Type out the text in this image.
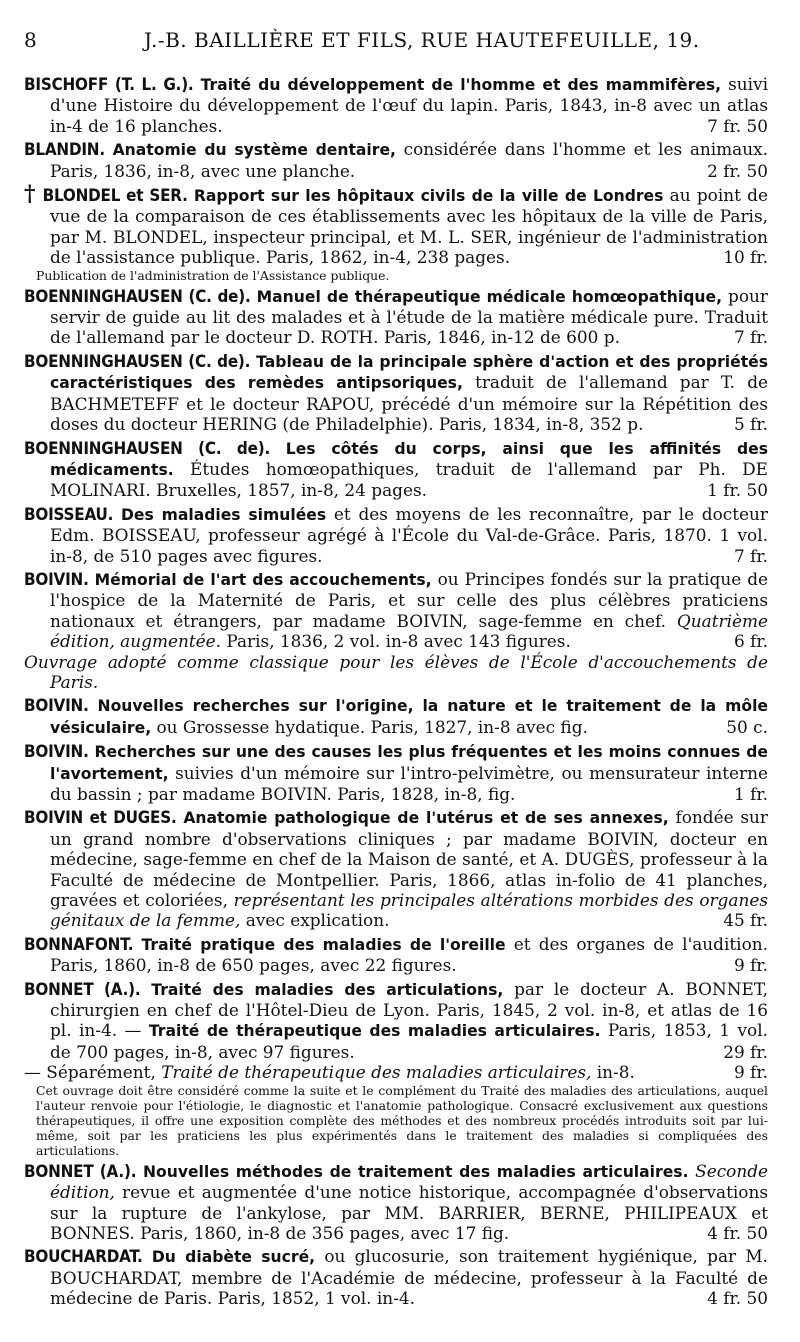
8	J.-B. BAILLIÈRE ET FILS, RUE HAUTEFEUILLE, 19.

BISCHOFF (T. L. G.). Traité du développement de l'homme et des mammifères, suivi d'une Histoire du développement de l'œuf du lapin. Paris, 1843, in-8 avec un atlas in-4 de 16 planches.	7 fr. 50

BLANDIN. Anatomie du système dentaire, considérée dans l'homme et les animaux. Paris, 1836, in-8, avec une planche.	2 fr. 50

† BLONDEL et SER. Rapport sur les hôpitaux civils de la ville de Londres au point de vue de la comparaison de ces établissements avec les hôpitaux de la ville de Paris, par M. BLONDEL, inspecteur principal, et M. L. SER, ingénieur de l'administration de l'assistance publique. Paris, 1862, in-4, 238 pages.	10 fr.

Publication de l'administration de l'Assistance publique.

BOENNINGHAUSEN (C. de). Manuel de thérapeutique médicale homœopathique, pour servir de guide au lit des malades et à l'étude de la matière médicale pure. Traduit de l'allemand par le docteur D. ROTH. Paris, 1846, in-12 de 600 p.	7 fr.

BOENNINGHAUSEN (C. de). Tableau de la principale sphère d'action et des propriétés caractéristiques des remèdes antipsoriques, traduit de l'allemand par T. de BACHMETEFF et le docteur RAPOU, précédé d'un mémoire sur la Répétition des doses du docteur HERING (de Philadelphie). Paris, 1834, in-8, 352 p.	5 fr.

BOENNINGHAUSEN (C. de). Les côtés du corps, ainsi que les affinités des médicaments. Études homœopathiques, traduit de l'allemand par Ph. DE MOLINARI. Bruxelles, 1857, in-8, 24 pages.	1 fr. 50

BOISSEAU. Des maladies simulées et des moyens de les reconnaître, par le docteur Edm. BOISSEAU, professeur agrégé à l'École du Val-de-Grâce. Paris, 1870. 1 vol. in-8, de 510 pages avec figures.	7 fr.

BOIVIN. Mémorial de l'art des accouchements, ou Principes fondés sur la pratique de l'hospice de la Maternité de Paris, et sur celle des plus célèbres praticiens nationaux et étrangers, par madame BOIVIN, sage-femme en chef. Quatrième édition, augmentée. Paris, 1836, 2 vol. in-8 avec 143 figures.	6 fr.

Ouvrage adopté comme classique pour les élèves de l'École d'accouchements de Paris.

BOIVIN. Nouvelles recherches sur l'origine, la nature et le traitement de la môle vésiculaire, ou Grossesse hydatique. Paris, 1827, in-8 avec fig.	50 c.

BOIVIN. Recherches sur une des causes les plus fréquentes et les moins connues de l'avortement, suivies d'un mémoire sur l'intro-pelvimètre, ou mensurateur interne du bassin ; par madame BOIVIN. Paris, 1828, in-8, fig.	1 fr.

BOIVIN et DUGES. Anatomie pathologique de l'utérus et de ses annexes, fondée sur un grand nombre d'observations cliniques ; par madame BOIVIN, docteur en médecine, sage-femme en chef de la Maison de santé, et A. DUGÈS, professeur à la Faculté de médecine de Montpellier. Paris, 1866, atlas in-folio de 41 planches, gravées et coloriées, représentant les principales altérations morbides des organes génitaux de la femme, avec explication.	45 fr.

BONNAFONT. Traité pratique des maladies de l'oreille et des organes de l'audition. Paris, 1860, in-8 de 650 pages, avec 22 figures.	9 fr.

BONNET (A.). Traité des maladies des articulations, par le docteur A. BONNET, chirurgien en chef de l'Hôtel-Dieu de Lyon. Paris, 1845, 2 vol. in-8, et atlas de 16 pl. in-4. — Traité de thérapeutique des maladies articulaires. Paris, 1853, 1 vol. de 700 pages, in-8, avec 97 figures.	29 fr.

— Séparément, Traité de thérapeutique des maladies articulaires, in-8.	9 fr.

Cet ouvrage doit être considéré comme la suite et le complément du Traité des maladies des articulations, auquel l'auteur renvoie pour l'étiologie, le diagnostic et l'anatomie pathologique. Consacré exclusivement aux questions thérapeutiques, il offre une exposition complète des méthodes et des nombreux procédés introduits soit par lui-même, soit par les praticiens les plus expérimentés dans le traitement des maladies si compliquées des articulations.

BONNET (A.). Nouvelles méthodes de traitement des maladies articulaires. Seconde édition, revue et augmentée d'une notice historique, accompagnée d'observations sur la rupture de l'ankylose, par MM. BARRIER, BERNE, PHILIPEAUX et BONNES. Paris, 1860, in-8 de 356 pages, avec 17 fig.	4 fr. 50

BOUCHARDAT. Du diabète sucré, ou glucosurie, son traitement hygiénique, par M. BOUCHARDAT, membre de l'Académie de médecine, professeur à la Faculté de médecine de Paris. Paris, 1852, 1 vol. in-4.	4 fr. 50
